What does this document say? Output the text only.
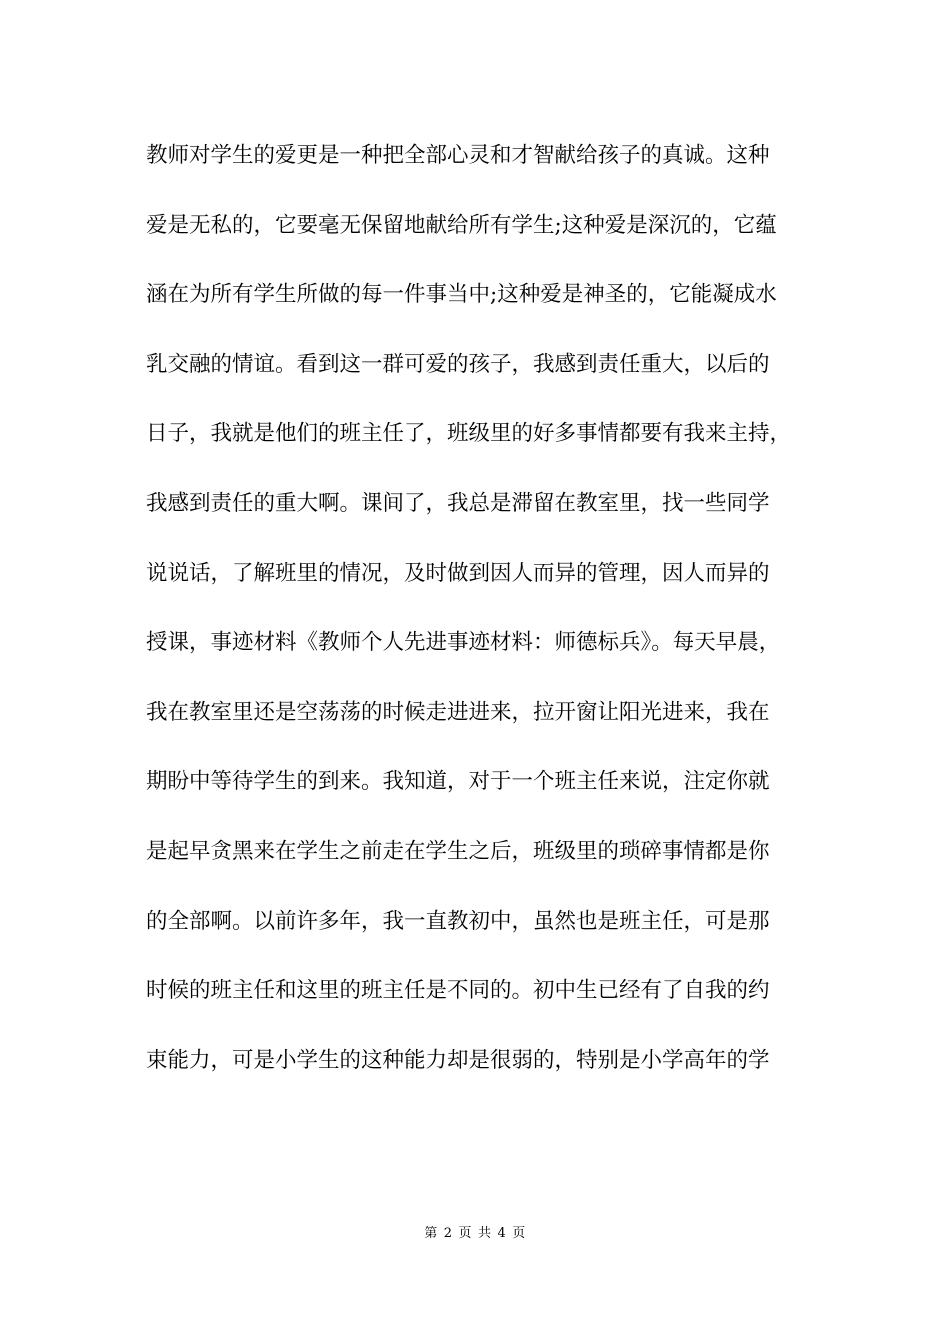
教师对学生的爱更是一种把全部心灵和才智献给孩子的真诚。这种
爱是无私的，它要毫无保留地献给所有学生;这种爱是深沉的，它蕴
涵在为所有学生所做的每一件事当中;这种爱是神圣的，它能凝成水
乳交融的情谊。看到这一群可爱的孩子，我感到责任重大，以后的
日子，我就是他们的班主任了，班级里的好多事情都要有我来主持，
我感到责任的重大啊。课间了，我总是滞留在教室里，找一些同学
说说话，了解班里的情况，及时做到因人而异的管理，因人而异的
授课，事迹材料《教师个人先进事迹材料：师德标兵》。每天早晨，
我在教室里还是空荡荡的时候走进进来，拉开窗让阳光进来，我在
期盼中等待学生的到来。我知道，对于一个班主任来说，注定你就
是起早贪黑来在学生之前走在学生之后，班级里的琐碎事情都是你
的全部啊。以前许多年，我一直教初中，虽然也是班主任，可是那
时候的班主任和这里的班主任是不同的。初中生已经有了自我的约
束能力，可是小学生的这种能力却是很弱的，特别是小学高年的学
第 2 页 共 4 页
